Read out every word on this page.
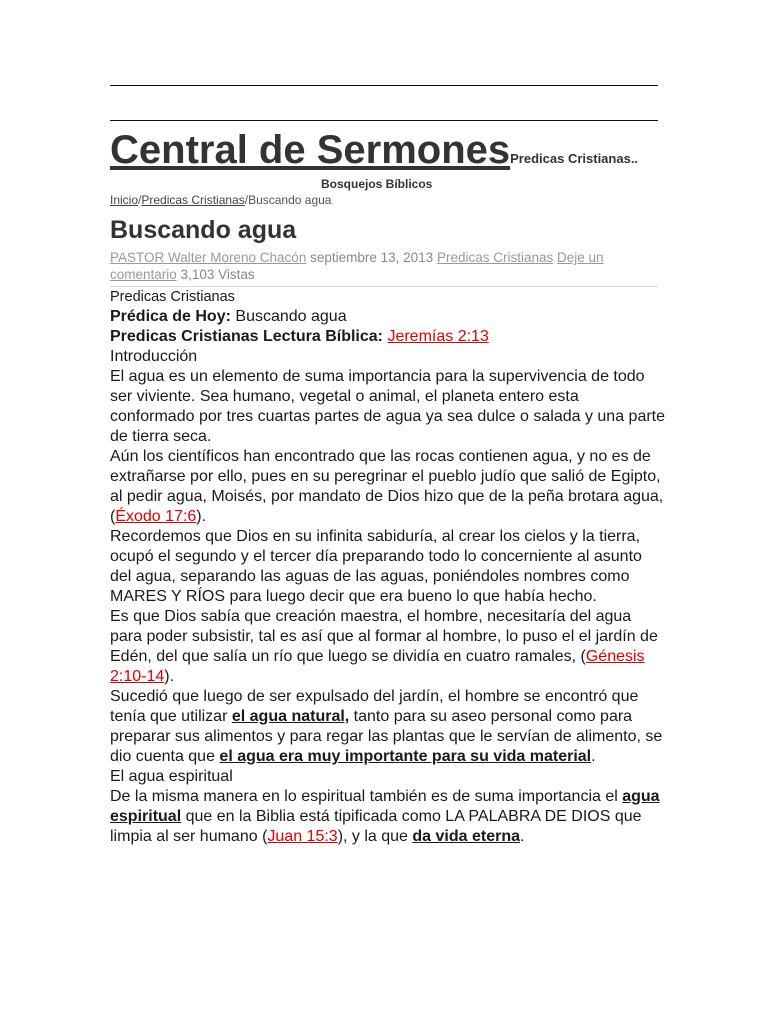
Central de SermonesPredicas Cristianas..
Bosquejos Bíblicos
Inicio/Predicas Cristianas/Buscando agua
Buscando agua
PASTOR Walter Moreno Chacón septiembre 13, 2013 Predicas Cristianas Deje un comentario 3,103 Vistas

Predicas Cristianas

Prédica de Hoy: Buscando agua

Predicas Cristianas Lectura Bíblica: Jeremías 2:13

Introducción

El agua es un elemento de suma importancia para la supervivencia de todo ser viviente. Sea humano, vegetal o animal, el planeta entero esta conformado por tres cuartas partes de agua ya sea dulce o salada y una parte de tierra seca.

Aún los científicos han encontrado que las rocas contienen agua, y no es de extrañarse por ello, pues en su peregrinar el pueblo judío que salió de Egipto, al pedir agua, Moisés, por mandato de Dios hizo que de la peña brotara agua, (Éxodo 17:6).

Recordemos que Dios en su infinita sabiduría, al crear los cielos y la tierra, ocupó el segundo y el tercer día preparando todo lo concerniente al asunto del agua, separando las aguas de las aguas, poniéndoles nombres como MARES Y RÍOS para luego decir que era bueno lo que había hecho.

Es que Dios sabía que creación maestra, el hombre, necesitaría del agua para poder subsistir, tal es así que al formar al hombre, lo puso el el jardín de Edén, del que salía un río que luego se dividía en cuatro ramales, (Génesis 2:10-14).

Sucedió que luego de ser expulsado del jardín, el hombre se encontró que tenía que utilizar el agua natural, tanto para su aseo personal como para preparar sus alimentos y para regar las plantas que le servían de alimento, se dio cuenta que el agua era muy importante para su vida material.

El agua espiritual

De la misma manera en lo espiritual también es de suma importancia el agua espiritual que en la Biblia está tipificada como LA PALABRA DE DIOS que limpia al ser humano (Juan 15:3), y la que da vida eterna.
